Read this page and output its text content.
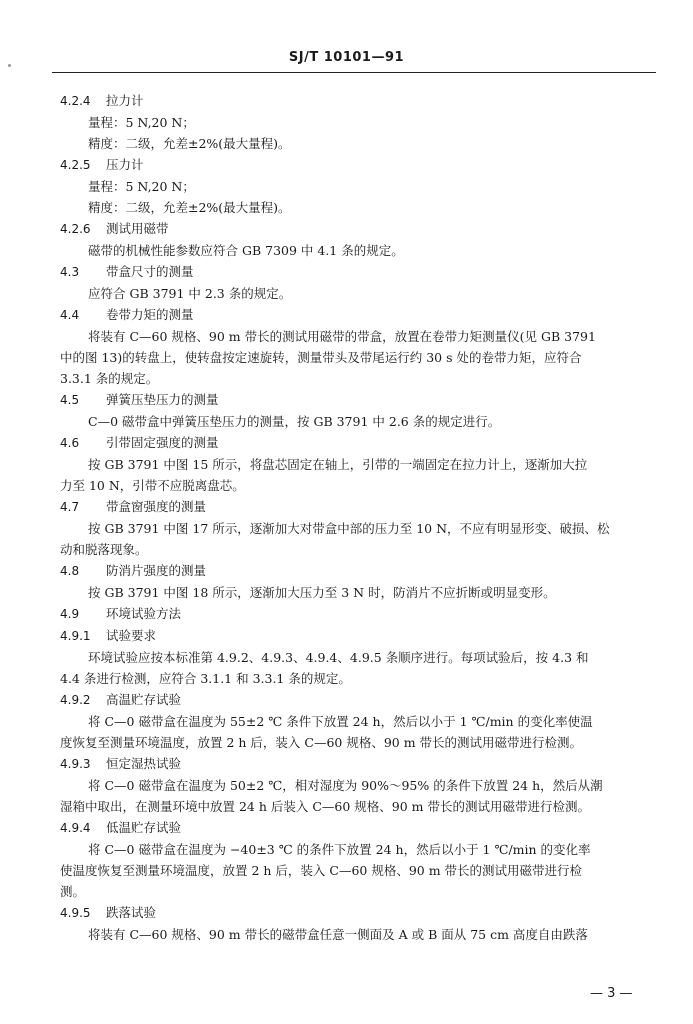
SJ/T 10101—91
4.2.4 拉力计
量程：5 N,20 N；
精度：二级，允差±2%(最大量程)。
4.2.5 压力计
量程：5 N,20 N；
精度：二级，允差±2%(最大量程)。
4.2.6 测试用磁带
磁带的机械性能参数应符合 GB 7309 中 4.1 条的规定。
4.3 带盒尺寸的测量
应符合 GB 3791 中 2.3 条的规定。
4.4 卷带力矩的测量
将装有 C—60 规格、90 m 带长的测试用磁带的带盒，放置在卷带力矩测量仪(见 GB 3791
中的图 13)的转盘上，使转盘按定速旋转，测量带头及带尾运行约 30 s 处的卷带力矩，应符合
3.3.1 条的规定。
4.5 弹簧压垫压力的测量
C—0 磁带盒中弹簧压垫压力的测量，按 GB 3791 中 2.6 条的规定进行。
4.6 引带固定强度的测量
按 GB 3791 中图 15 所示，将盘芯固定在轴上，引带的一端固定在拉力计上，逐渐加大拉
力至 10 N，引带不应脱离盘芯。
4.7 带盒窗强度的测量
按 GB 3791 中图 17 所示，逐渐加大对带盒中部的压力至 10 N，不应有明显形变、破损、松
动和脱落现象。
4.8 防消片强度的测量
按 GB 3791 中图 18 所示，逐渐加大压力至 3 N 时，防消片不应折断或明显变形。
4.9 环境试验方法
4.9.1 试验要求
环境试验应按本标准第 4.9.2、4.9.3、4.9.4、4.9.5 条顺序进行。每项试验后，按 4.3 和
4.4 条进行检测，应符合 3.1.1 和 3.3.1 条的规定。
4.9.2 高温贮存试验
将 C—0 磁带盒在温度为 55±2 ℃ 条件下放置 24 h，然后以小于 1 ℃/min 的变化率使温
度恢复至测量环境温度，放置 2 h 后，装入 C—60 规格、90 m 带长的测试用磁带进行检测。
4.9.3 恒定湿热试验
将 C—0 磁带盒在温度为 50±2 ℃，相对湿度为 90%～95% 的条件下放置 24 h，然后从潮
湿箱中取出，在测量环境中放置 24 h 后装入 C—60 规格、90 m 带长的测试用磁带进行检测。
4.9.4 低温贮存试验
将 C—0 磁带盒在温度为 −40±3 ℃ 的条件下放置 24 h，然后以小于 1 ℃/min 的变化率
使温度恢复至测量环境温度，放置 2 h 后，装入 C—60 规格、90 m 带长的测试用磁带进行检
测。
4.9.5 跌落试验
将装有 C—60 规格、90 m 带长的磁带盒任意一侧面及 A 或 B 面从 75 cm 高度自由跌落
— 3 —
